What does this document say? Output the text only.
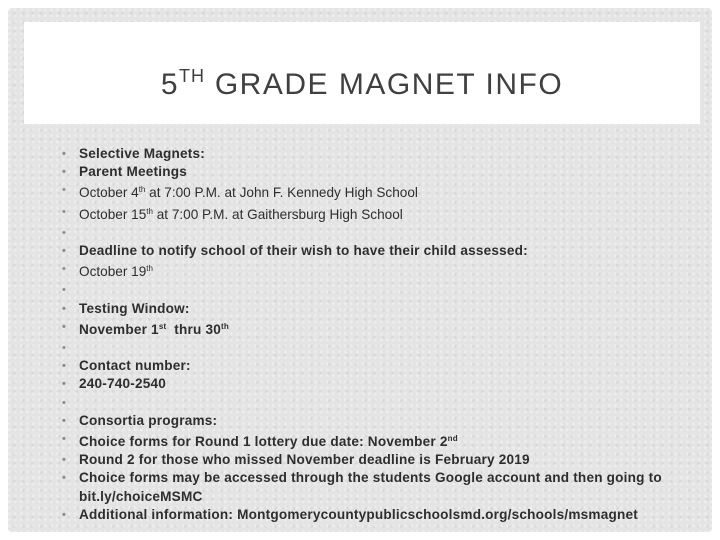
5TH GRADE MAGNET INFO
• Selective Magnets:
• Parent Meetings
• October 4th at 7:00 P.M. at John F. Kennedy High School
• October 15th at 7:00 P.M. at Gaithersburg High School
•

• Deadline to notify school of their wish to have their child assessed:
• October 19th
•

• Testing Window:
• November 1st  thru 30th
•

• Contact number:
• 240-740-2540
•

• Consortia programs:
• Choice forms for Round 1 lottery due date: November 2nd
• Round 2 for those who missed November deadline is February 2019
• Choice forms may be accessed through the students Google account and then going to bit.ly/choiceMSMC
• Additional information: Montgomerycountypublicschoolsmd.org/schools/msmagnet
